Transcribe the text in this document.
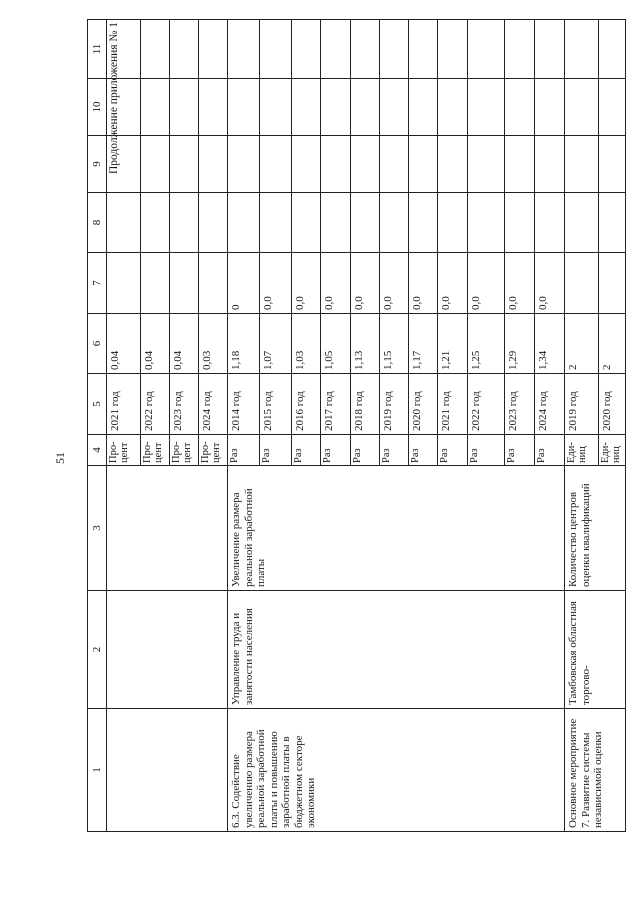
51
Продолжение приложения № 1
1	2	3	4	5	6	7	8	9	10	11
			Про-цент	2021 год	0,04					
			Про-цент	2022 год	0,04					
			Про-цент	2023 год	0,04					
			Про-цент	2024 год	0,03					
6.3. Содействие увеличению размера реальной заработной платы и повышению заработной платы в бюджетном секторе экономики	Управление труда и занятости населения	Увеличение размера реальной заработной платы	Раз	2014 год	1,18	0				
			Раз	2015 год	1,07	0,0				
			Раз	2016 год	1,03	0,0				
			Раз	2017 год	1,05	0,0				
			Раз	2018 год	1,13	0,0				
			Раз	2019 год	1,15	0,0				
			Раз	2020 год	1,17	0,0				
			Раз	2021 год	1,21	0,0				
			Раз	2022 год	1,25	0,0				
			Раз	2023 год	1,29	0,0				
			Раз	2024 год	1,34	0,0				
Основное мероприятие 7. Развитие системы независимой оценки	Тамбовская областная торгово-	Количество центров оценки квалификаций	Еди-ниц	2019 год	2					
			Еди-ниц	2020 год	2					
